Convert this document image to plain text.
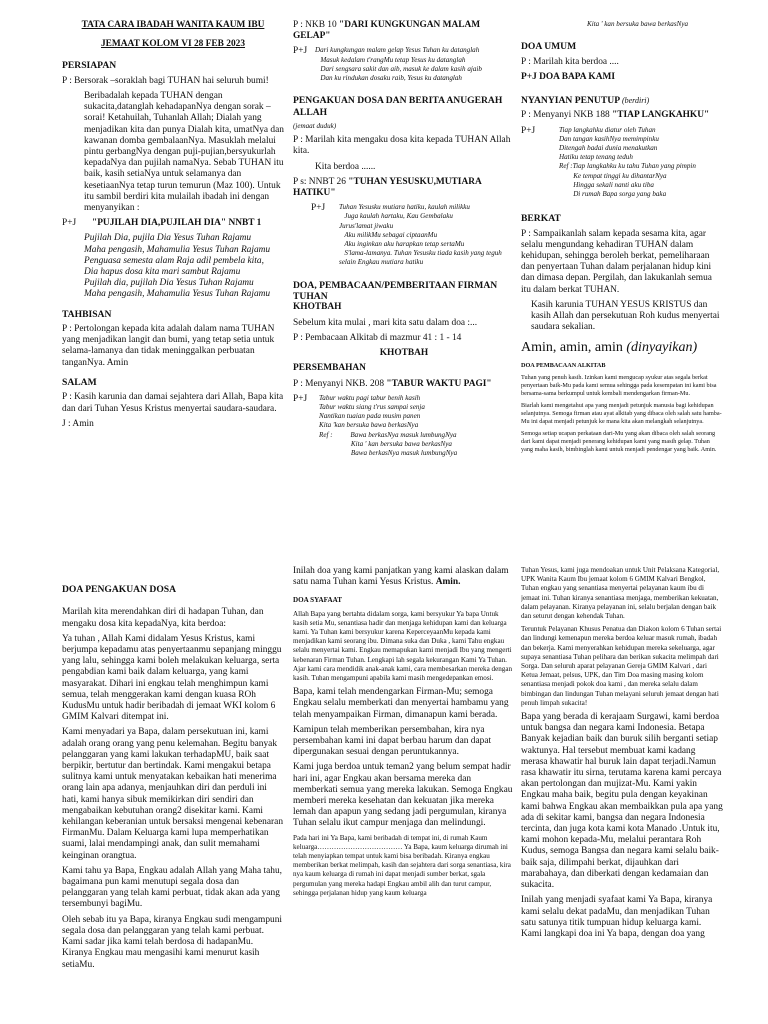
TATA CARA IBADAH WANITA KAUM IBU

JEMAAT KOLOM VI 28 FEB 2023

PERSIAPAN

P : Bersorak –soraklah bagi TUHAN hai seluruh bumi!

Beribadalah kepada TUHAN dengan sukacita,datanglah kehadapanNya dengan sorak – sorai! Ketahuilah, Tuhanlah Allah; Dialah yang menjadikan kita dan punya Dialah kita, umatNya dan kawanan domba gembalaanNya. Masuklah melalui pintu gerbangNya dengan puji-pujian,bersyukurlah kepadaNya dan pujilah namaNya. Sebab TUHAN itu baik, kasih setiaNya untuk selamanya dan kesetiaanNya tetap turun temurun (Maz 100). Untuk itu sambil berdiri kita mulailah ibadah ini dengan menyanyikan :

P+J	"PUJILAH DIA,PUJILAH DIA" NNBT 1

Pujilah Dia, pujila Dia Yesus Tuhan Rajamu
Maha pengasih, Mahamulia Yesus Tuhan Rajamu
Penguasa semesta alam Raja adil pembela kita,
Dia hapus dosa kita mari sambut Rajamu
Pujilah dia, pujilah Dia Yesus Tuhan Rajamu
Maha pengasih, Mahamulia Yesus Tuhan Rajamu

TAHBISAN

P : Pertolongan kepada kita adalah dalam nama TUHAN yang menjadikan langit dan bumi, yang tetap setia untuk selama-lamanya dan tidak meninggalkan perbuatan tanganNya. Amin

SALAM

P : Kasih karunia dan damai sejahtera dari Allah, Bapa kita dan dari Tuhan Yesus Kristus menyertai saudara-saudara.

J : Amin

P : NKB 10 "DARI KUNGKUNGAN MALAM GELAP"

P+J	Dari kungkungan malam gelap Yesus Tuhan ku datanglah
Masuk kedalam t'rangMu tetap Yesus ku datanglah
Dari sengsara sakit dan aib, masuk ke dalam kasih ajaib
Dan ku rindukan dosaku raib, Yesus ku datanglah

PENGAKUAN DOSA DAN BERITA ANUGERAH ALLAH

(jemaat duduk)

P : Marilah kita mengaku dosa kita kepada TUHAN Allah kita.

Kita berdoa ......

P s: NNBT 26 "TUHAN YESUSKU,MUTIARA HATIKU"

P+J	Tuhan Yesusku mutiara hatiku, kaulah milikku
Juga kaulah hartaku, Kau Gembalaku
Jurus'lamat jiwaku
Aku milikMu sebagai ciptaanMu
Aku inginkan aku harapkan tetap sertaMu
S'lama-lamanya. Tuhan Yesusku tiada kasih yang teguh selain Engkau mutiara hatiku

DOA, PEMBACAAN/PEMBERITAAN FIRMAN TUHAN

KHOTBAH

Sebelum kita mulai , mari kita satu dalam doa :...

P : Pembacaan Alkitab di mazmur 41 : 1 - 14

KHOTBAH

PERSEMBAHAN

P : Menyanyi NKB. 208 "TABUR WAKTU PAGI"

P+J	Tabur waktu pagi tabur benih kasih
Tabur waktu siang t'rus sampai senja
Nantikan tuaian pada musim panen
Kita 'kan bersuka bawa berkasNya
Ref :          Bawa berkasNya masuk lumbungNya
Kita ' kan bersuka bawa berkasNya
Bawa berkasNya masuk lumbungNya

Kita ' kan bersuka bawa berkasNya

DOA UMUM

P : Marilah kita berdoa ....

P+J DOA BAPA KAMI

NYANYIAN PENUTUP (berdiri)

P : Menyanyi NKB 188 "TIAP LANGKAHKU"

P+J	Tiap langkahku diatur oleh Tuhan
Dan tangan kasihNya memimpinku
Ditengah badai dunia menakutkan
Hatiku tetap tenang teduh
Ref :Tiap langkahku ku tahu Tuhan yang pimpin
Ke tempat tinggi ku dihantarNya
Hingga sekali nanti aku tiba
Di rumah Bapa sorga yang baka

BERKAT

P : Sampaikanlah salam kepada sesama kita, agar selalu mengundang kehadiran TUHAN dalam kehidupan, sehingga beroleh berkat, pemeliharaan dan penyertaan Tuhan dalam perjalanan hidup kini dan dimasa depan. Pergilah, dan lakukanlah semua itu dalam berkat TUHAN.

Kasih karunia TUHAN YESUS KRISTUS dan kasih Allah dan persekutuan Roh kudus menyertai saudara sekalian.

Amin, amin, amin (dinyayikan)

DOA PEMBACAAN ALKITAB

Tuhan yang penuh kasih. Izinkan kami mengucap syukur atas segala berkat penyertaan baik-Mu pada kami semua sehingga pada kesempatan ini kami bisa bersama-sama berkumpul untuk kembali mendengarkan firman-Mu.

Biarlah kami mengetahui apa yang menjadi petunjuk manusia bagi kehidupan selanjutnya. Semoga firman atau ayat alkitab yang dibaca oleh salah satu hamba-Mu ini dapat menjadi petunjuk ke mana kita akan melangkah selanjutnya.

Semoga setiap ucapan perkataan dari-Mu yang akan dibaca oleh salah seorang dari kami dapat menjadi penerang kehidupan kami yang masih gelap. Tuhan yang maha kasih, bimbinglah kami untuk menjadi pendengar yang baik. Amin.

DOA PENGAKUAN DOSA

Marilah kita merendahkan diri di hadapan Tuhan, dan mengaku dosa kita kepadaNya, kita berdoa:

Ya tuhan , Allah Kami didalam Yesus Kristus, kami berjumpa kepadamu atas penyertaanmu sepanjang minggu yang lalu, sehingga kami boleh melakukan keluarga, serta pengabdian kami baik dalam keluarga, yang kami masyarakat. Dihari ini engkau telah menghimpun kami semua, telah menggerakan kami dengan kuasa ROh KudusMu untuk hadir beribadah di jemaat WKI kolom 6 GMIM Kalvari ditempat ini.

Kami menyadari ya Bapa, dalam persekutuan ini, kami adalah orang orang yang penu kelemahan. Begitu banyak pelanggaran yang kami lakukan terhadapMU, baik saat berpikir, bertutur dan bertindak. Kami mengakui betapa sulitnya kami untuk menyatakan kebaikan hati menerima orang lain apa adanya, menjauhkan diri dan perduli ini hati, kami hanya sibuk memikirkan diri sendiri dan mengabaikan kebutuhan orang2 disekitar kami. Kami kehilangan keberanian untuk bersaksi mengenai kebenaran FirmanMu. Dalam Keluarga kami lupa memperhatikan suami, lalai mendampingi anak, dan sulit memahami keinginan orangtua.

Kami tahu ya Bapa, Engkau adalah Allah yang Maha tahu, bagaimana pun kami menutupi segala dosa dan pelanggaran yang telah kami perbuat, tidak akan ada yang tersembunyi bagiMu.

Oleh sebab itu ya Bapa, kiranya Engkau sudi mengampuni segala dosa dan pelanggaran yang telah kami perbuat. Kami sadar jika kami telah berdosa di hadapanMu. Kiranya Engkau mau mengasihi kami menurut kasih setiaMu.

Inilah doa yang kami panjatkan yang kami alaskan dalam satu nama Tuhan kami Yesus Kristus. Amin.

DOA SYAFAAT

Allah Bapa yang bertahta didalam sorga, kami bersyukur Ya bapa Untuk kasih setia Mu, senantiasa hadir dan menjaga kehidupan kami dan keluarga kami. Ya Tuhan kami bersyukur karena KeperceyaanMu kepada kami menjadikan kami seorang ibu. Dimana suka dan Duka , kami Tahu engkau selalu menyertai kami. Engkau memapukan kami menjadi Ibu yang mengerti kebenaran Firman Tuhan. Lengkapi lah segala kekurangan Kami Ya Tuhan. Ajar kami cara mendidik anak-anak kami, cara membesarkan mereka dengan kasih. Tuhan mengampuni apabila kami masih mengedepankan emosi.

Bapa, kami telah mendengarkan Firman-Mu; semoga Engkau selalu memberkati dan menyertai hambamu yang telah menyampaikan Firman, dimanapun kami berada.

Kamipun telah memberikan persembahan, kira nya persembahan kami ini dapat berbau harum dan dapat dipergunakan sesuai dengan peruntukannya.

Kami juga berdoa untuk teman2 yang belum sempat hadir hari ini, agar Engkau akan bersama mereka dan memberkati semua yang mereka lakukan. Semoga Engkau memberi mereka kesehatan dan kekuatan jika mereka lemah dan apapun yang sedang jadi pergumulan, kiranya Tuhan selalu ikut campur menjaga dan melindungi.

Pada hari ini Ya Bapa, kami beribadah di tempat ini, di rumah Kaum keluarga……………………………… Ya Bapa, kaum keluarga dirumah ini telah menyiapkan tempat untuk kami bisa beribadah. Kiranya engkau memberikan berkat melimpah, kasih dan sejahtera dari sorga senantiasa, kira nya kaum keluarga di rumah ini dapat menjadi sumber berkat, sgala pergumulan yang mereka hadapi Engkau ambil alih dan turut campur, sehingga perjalanan hidup yang kaum keluarga

Tuhan Yesus, kami juga mendoakan untuk Unit Pelaksana Kategorial, UPK Wanita Kaum Ibu jemaat kolom 6 GMIM Kalvari Bengkol, Tuhan engkau yang senantiasa menyertai pelayanan kaum ibu di jemaat ini. Tuhan kiranya senantiasa menjaga, memberikan kekuatan, dalam pelayanan. Kiranya pelayanan ini, selalu berjalan dengan baik dan seturut dengan kehendak Tuhan.

Teruntuk Pelayanan Khusus Penatua dan Diakon kolom 6 Tuhan sertai dan lindungi kemenapun mereka berdoa keluar masuk rumah, ibadah dan bekerja. Kami menyerahkan kehidupan mereka sekeluarga, agar supaya senantiasa Tuhan pelihara dan berikan sukacita melimpah dari Sorga. Dan seluruh aparat pelayanan Gereja GMIM Kalvari , dari Ketua Jemaat, pelsus, UPK, dan Tim Doa masing masing kolom senantiasa menjadi pokok doa kami , dan mereka selalu dalam bimbingan dan lindungan Tuhan melayani seluruh jemaat dengan hati penuh limpah sukacita!

Bapa yang berada di kerajaam Surgawi, kami berdoa untuk bangsa dan negara kami Indonesia. Betapa Banyak kejadian baik dan buruk silih berganti setiap waktunya. Hal tersebut membuat kami kadang merasa khawatir hal buruk lain dapat terjadi.Namun rasa khawatir itu sirna, terutama karena kami percaya akan pertolongan dan mujizat-Mu. Kami yakin Engkau maha baik, begitu pula dengan keyakinan kami bahwa Engkau akan membaikkan pula apa yang ada di sekitar kami, bangsa dan negara Indonesia tercinta, dan juga kota kami kota Manado .Untuk itu, kami mohon kepada-Mu, melalui perantara Roh Kudus, semoga Bangsa dan negara kami selalu baik-baik saja, dilimpahi berkat, dijauhkan dari marabahaya, dan diberkati dengan kedamaian dan sukacita.

Inilah yang menjadi syafaat kami Ya Bapa, kiranya kami selalu dekat padaMu, dan menjadikan Tuhan satu satunya titik tumpuan hidup keluarga kami. Kami langkapi doa ini Ya bapa, dengan doa yang
